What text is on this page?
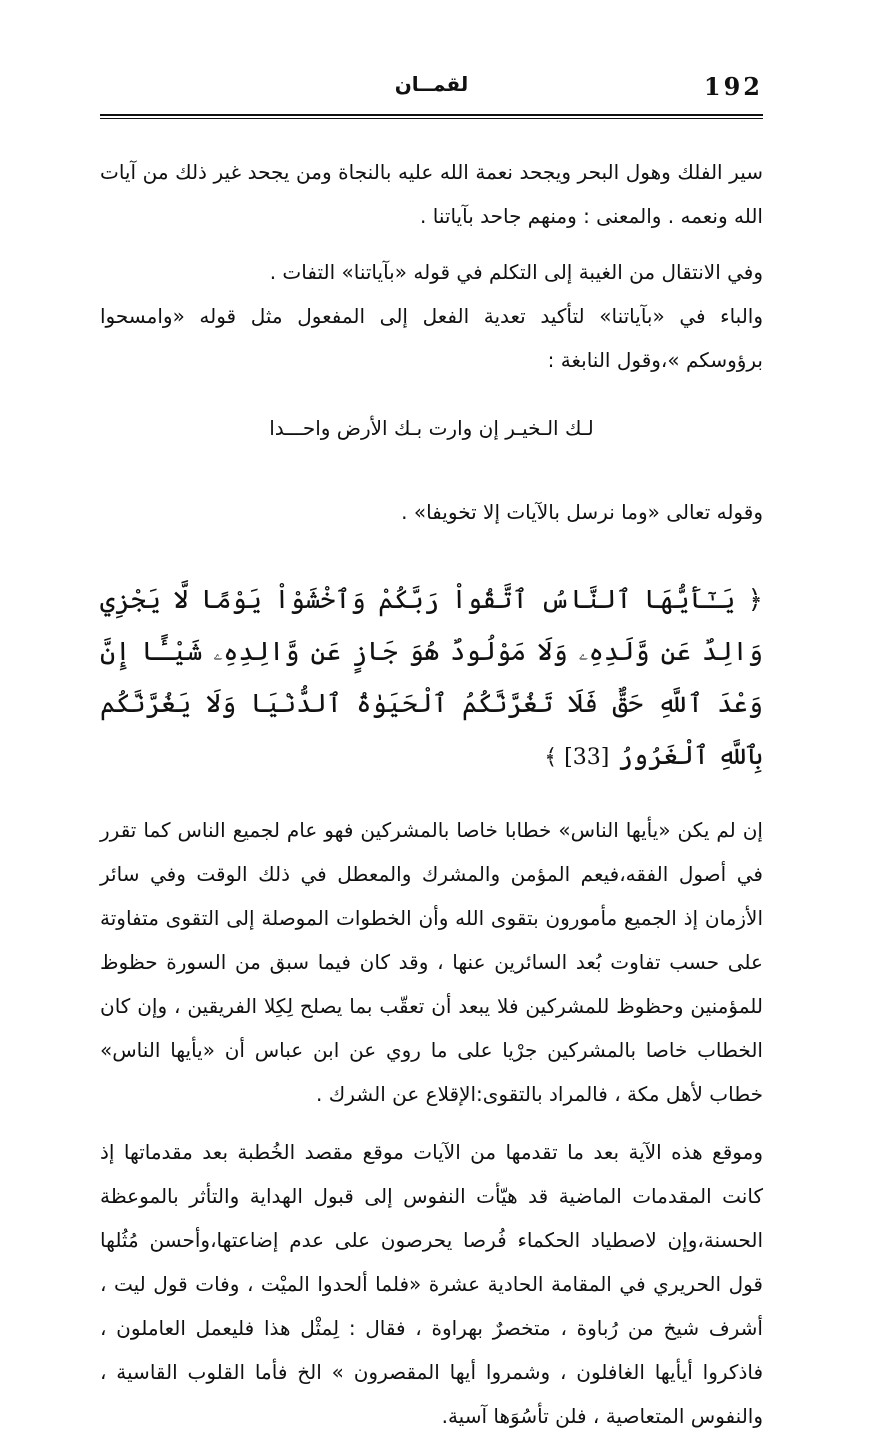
لقمــان	192

سير الفلك وهول البحر ويجحد نعمة الله عليه بالنجاة ومن يجحد غير ذلك من آيات الله ونعمه . والمعنى : ومنهم جاحد بآياتنا .

وفي الانتقال من الغيبة إلى التكلم في قوله «بآياتنا» التفات .

والباء في «بآياتنا» لتأكيد تعدية الفعل إلى المفعول مثل قوله «وامسحوا برؤوسكم »،وقول النابغة :

لـك الـخيـر إن وارت بـك الأرض واحـــدا

وقوله تعالى «وما نرسل بالآيات إلا تخويفا» .

﴿ يَـٰٓأَيُّهَا ٱلنَّاسُ ٱتَّقُواْ رَبَّكُمْ وَٱخْشَوْاْ يَوْمًا لَّا يَجْزِي وَالِدٌ عَن وَّلَدِهِۦ وَلَا مَوْلُودٌ هُوَ جَازٍ عَن وَّالِدِهِۦ شَيْـًٔا إِنَّ وَعْدَ ٱللَّهِ حَقٌّ فَلَا تَغُرَّنَّكُمُ ٱلْحَيَوٰةُ ٱلدُّنْيَا وَلَا يَغُرَّنَّكُم بِٱللَّهِ ٱلْغَرُورُ [33] ﴾

إن لم يكن «يأيها الناس» خطابا خاصا بالمشركين فهو عام لجميع الناس كما تقرر في أصول الفقه،فيعم المؤمن والمشرك والمعطل في ذلك الوقت وفي سائر الأزمان إذ الجميع مأمورون بتقوى الله وأن الخطوات الموصلة إلى التقوى متفاوتة على حسب تفاوت بُعد السائرين عنها ، وقد كان فيما سبق من السورة حظوظ للمؤمنين وحظوظ للمشركين فلا يبعد أن تعقّب بما يصلح لِكِلا الفريقين ، وإن كان الخطاب خاصا بالمشركين جرْيا على ما روي عن ابن عباس أن «يأيها الناس» خطاب لأهل مكة ، فالمراد بالتقوى:الإقلاع عن الشرك .

وموقع هذه الآية بعد ما تقدمها من الآيات موقع مقصد الخُطبة بعد مقدماتها إذ كانت المقدمات الماضية قد هيّأت النفوس إلى قبول الهداية والتأثر بالموعظة الحسنة،وإن لاصطياد الحكماء فُرصا يحرصون على عدم إضاعتها،وأحسن مُثُلها قول الحريري في المقامة الحادية عشرة «فلما ألحدوا الميْت ، وفات قول ليت ، أشرف شيخ من رُباوة ، متخصرٌ بهراوة ، فقال : لِمثْل هذا فليعمل العاملون ، فاذكروا أيأيها الغافلون ، وشمروا أيها المقصرون » الخ فأما القلوب القاسية ، والنفوس المتعاصية ، فلن تأسُوَها آسية.
